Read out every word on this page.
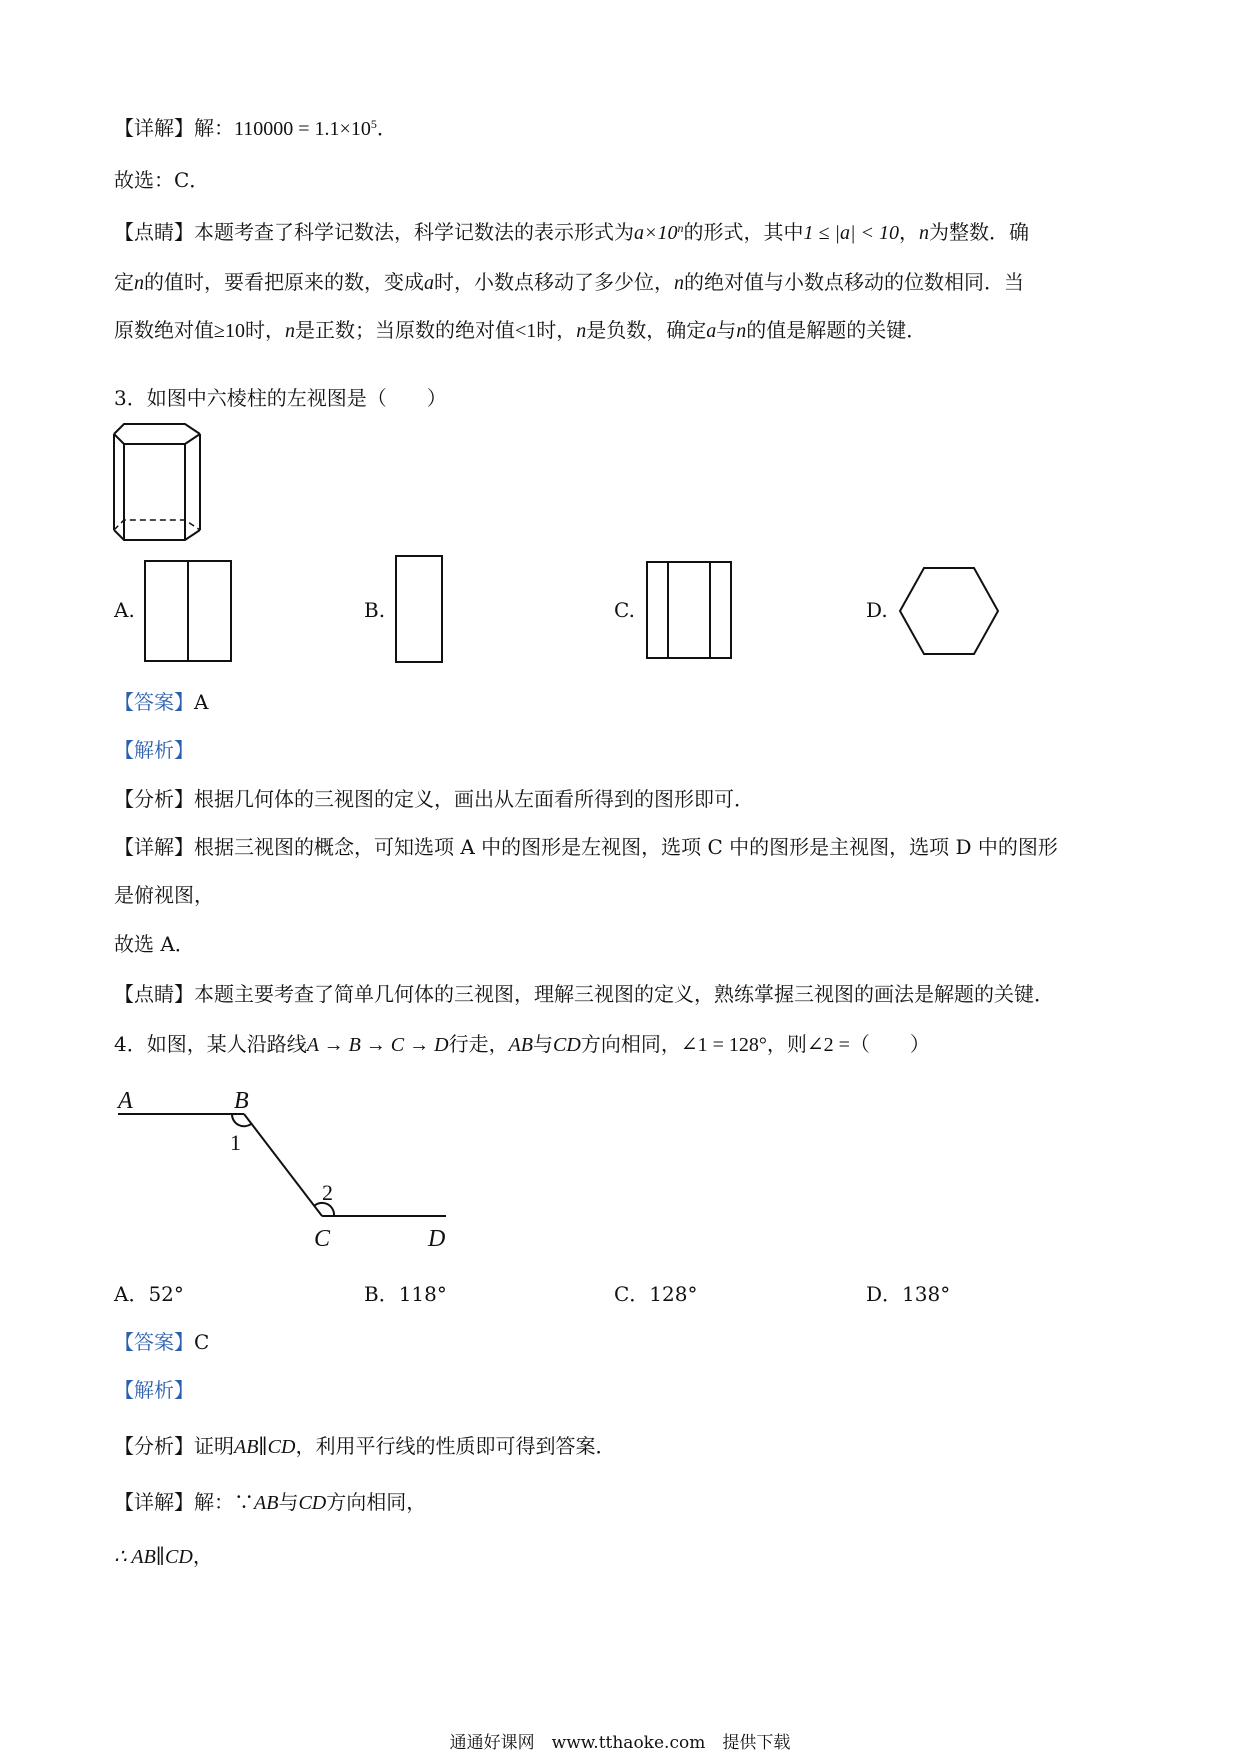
【详解】解：$110000 = 1.1\times 10^5$．
故选：C．
【点睛】本题考查了科学记数法，科学记数法的表示形式为$a\times 10^n$的形式，其中1 ≤ |a| < 10，n为整数．确
定n的值时，要看把原来的数，变成a时，小数点移动了多少位，n的绝对值与小数点移动的位数相同．当
原数绝对值≥10时，n是正数；当原数的绝对值<1时，n是负数，确定a与n的值是解题的关键．
3．如图中六棱柱的左视图是（　　）
A.	B.	C.	D.
【答案】A
【解析】
【分析】根据几何体的三视图的定义，画出从左面看所得到的图形即可．
【详解】根据三视图的概念，可知选项 A 中的图形是左视图，选项 C 中的图形是主视图，选项 D 中的图形
是俯视图，
故选 A．
【点睛】本题主要考查了简单几何体的三视图，理解三视图的定义，熟练掌握三视图的画法是解题的关键．
4．如图，某人沿路线A → B → C → D行走，AB与CD方向相同，∠1 = 128°，则∠2 =（　　）
A	B
C	D
1
2
A．52°	B．118°	C．128°	D．138°
【答案】C
【解析】
【分析】证明AB∥CD，利用平行线的性质即可得到答案．
【详解】解：∵AB与CD方向相同，
∴ AB∥CD，
通通好课网　www.tthaoke.com　提供下载
